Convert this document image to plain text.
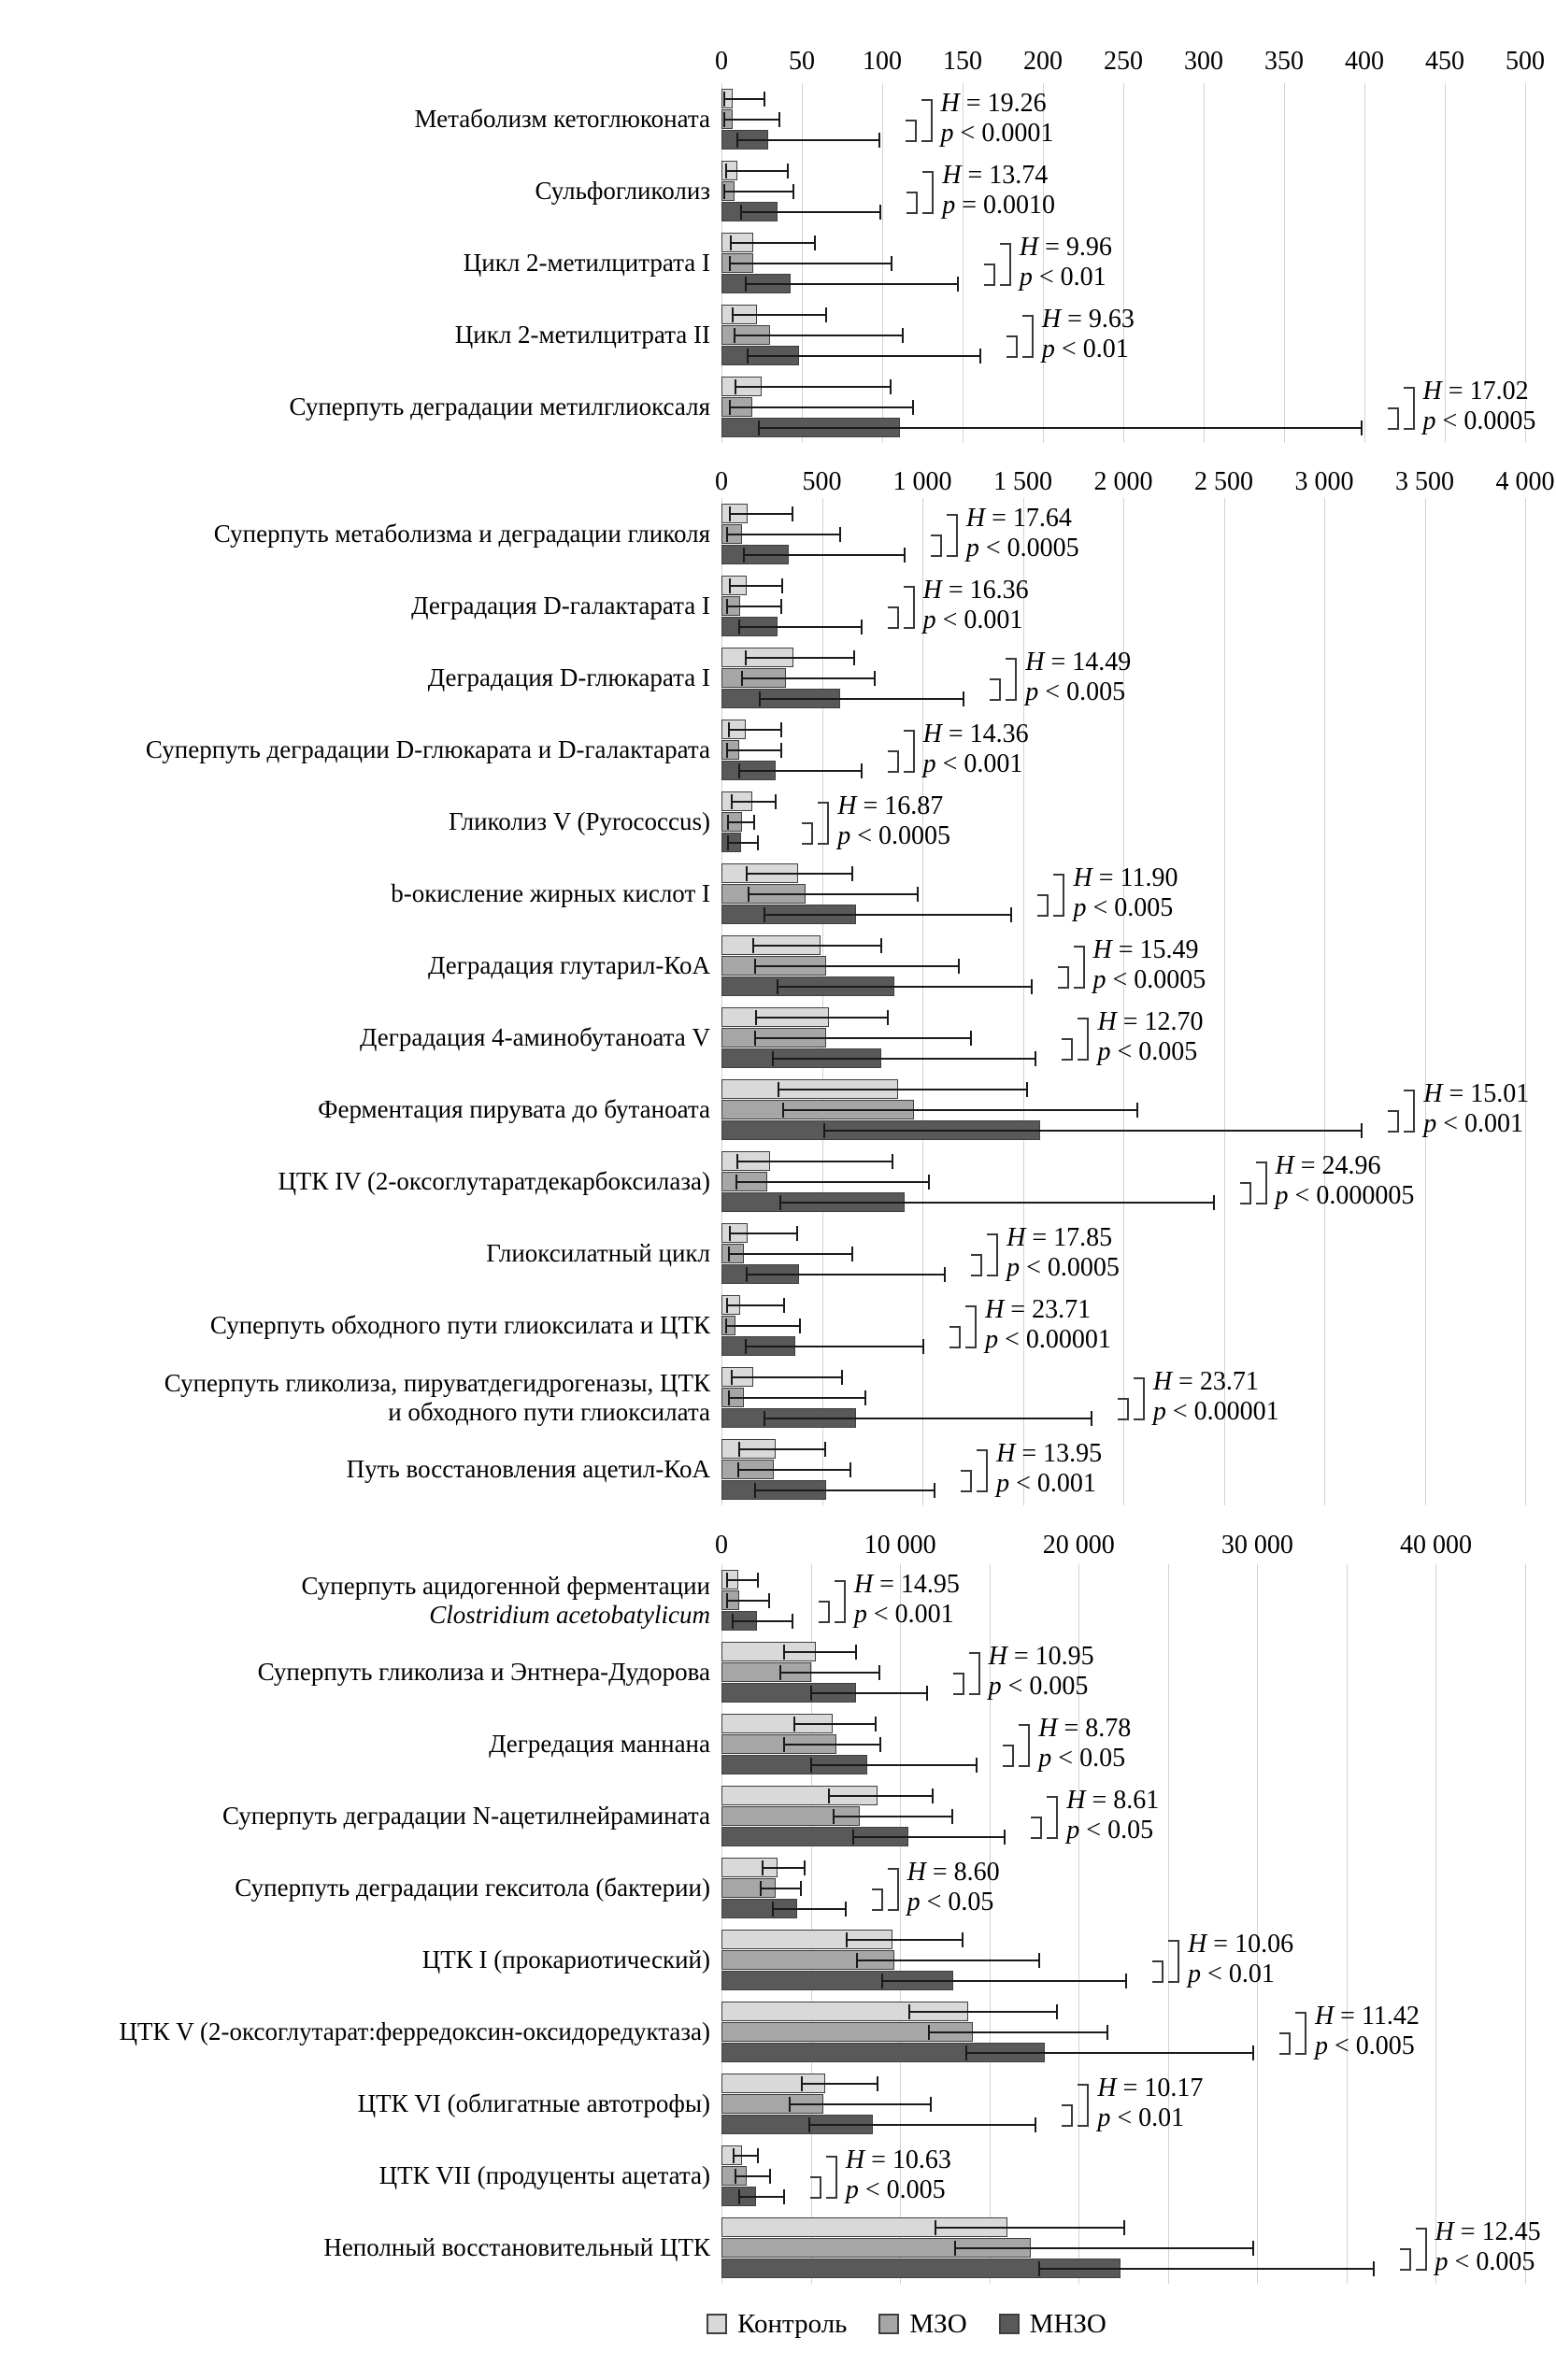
0	50	100	150	200	250	300	350	400	450	500
Метаболизм кетоглюконата
H = 19.26
p < 0.0001
Сульфогликолиз
H = 13.74
p = 0.0010
Цикл 2-метилцитрата I
H = 9.96
p < 0.01
Цикл 2-метилцитрата II
H = 9.63
p < 0.01
Суперпуть деградации метилглиоксаля
H = 17.02
p < 0.0005
0	500	1 000	1 500	2 000	2 500	3 000	3 500	4 000
Суперпуть метаболизма и деградации гликоля
H = 17.64
p < 0.0005
Деградация D-галактарата I
H = 16.36
p < 0.001
Деградация D-глюкарата I
H = 14.49
p < 0.005
Суперпуть деградации D-глюкарата и D-галактарата
H = 14.36
p < 0.001
Гликолиз V (Pyrococcus)
H = 16.87
p < 0.0005
b-окисление жирных кислот I
H = 11.90
p < 0.005
Деградация глутарил-КоА
H = 15.49
p < 0.0005
Деградация 4-аминобутаноата V
H = 12.70
p < 0.005
Ферментация пирувата до бутаноата
H = 15.01
p < 0.001
ЦТК IV (2-оксоглутаратдекарбоксилаза)
H = 24.96
p < 0.000005
Глиоксилатный цикл
H = 17.85
p < 0.0005
Суперпуть обходного пути глиоксилата и ЦТК
H = 23.71
p < 0.00001
Суперпуть гликолиза, пируватдегидрогеназы, ЦТК
и обходного пути глиоксилата
H = 23.71
p < 0.00001
Путь восстановления ацетил-КоА
H = 13.95
p < 0.001
0	10 000	20 000	30 000	40 000
Суперпуть ацидогенной ферментации
Clostridium acetobatylicum
H = 14.95
p < 0.001
Суперпуть гликолиза и Энтнера-Дудорова
H = 10.95
p < 0.005
Дегредация маннана
H = 8.78
p < 0.05
Суперпуть деградации N-ацетилнейрамината
H = 8.61
p < 0.05
Суперпуть деградации гекситола (бактерии)
H = 8.60
p < 0.05
ЦТК I (прокариотический)
H = 10.06
p < 0.01
ЦТК V (2-оксоглутарат:ферредоксин-оксидоредуктаза)
H = 11.42
p < 0.005
ЦТК VI (облигатные автотрофы)
H = 10.17
p < 0.01
ЦТК VII (продуценты ацетата)
H = 10.63
p < 0.005
Неполный восстановительный ЦТК
H = 12.45
p < 0.005
Контроль МЗО МНЗО
